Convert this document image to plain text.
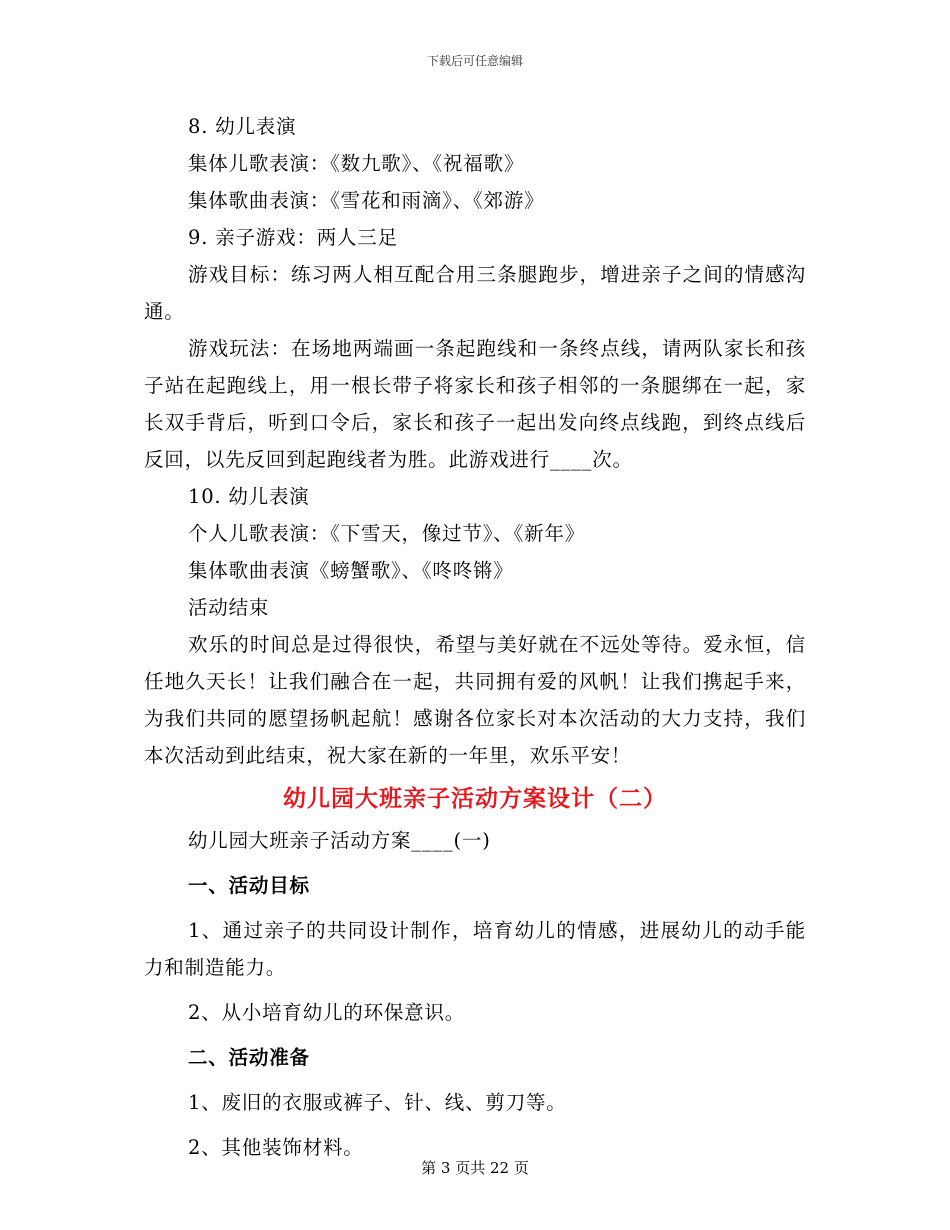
下载后可任意编辑
8. 幼儿表演
集体儿歌表演：《数九歌》、《祝福歌》
集体歌曲表演：《雪花和雨滴》、《郊游》
9. 亲子游戏：两人三足
游戏目标：练习两人相互配合用三条腿跑步，增进亲子之间的情感沟通。
游戏玩法：在场地两端画一条起跑线和一条终点线，请两队家长和孩子站在起跑线上，用一根长带子将家长和孩子相邻的一条腿绑在一起，家长双手背后，听到口令后，家长和孩子一起出发向终点线跑，到终点线后反回，以先反回到起跑线者为胜。此游戏进行____次。
10. 幼儿表演
个人儿歌表演：《下雪天，像过节》、《新年》
集体歌曲表演《螃蟹歌》、《咚咚锵》
活动结束
欢乐的时间总是过得很快，希望与美好就在不远处等待。爱永恒，信任地久天长！让我们融合在一起，共同拥有爱的风帆！让我们携起手来，为我们共同的愿望扬帆起航！感谢各位家长对本次活动的大力支持，我们本次活动到此结束，祝大家在新的一年里，欢乐平安！
幼儿园大班亲子活动方案设计（二）
幼儿园大班亲子活动方案____(一)
一、活动目标
1、通过亲子的共同设计制作，培育幼儿的情感，进展幼儿的动手能力和制造能力。
2、从小培育幼儿的环保意识。
二、活动准备
1、废旧的衣服或裤子、针、线、剪刀等。
2、其他装饰材料。
第 3 页共 22 页
